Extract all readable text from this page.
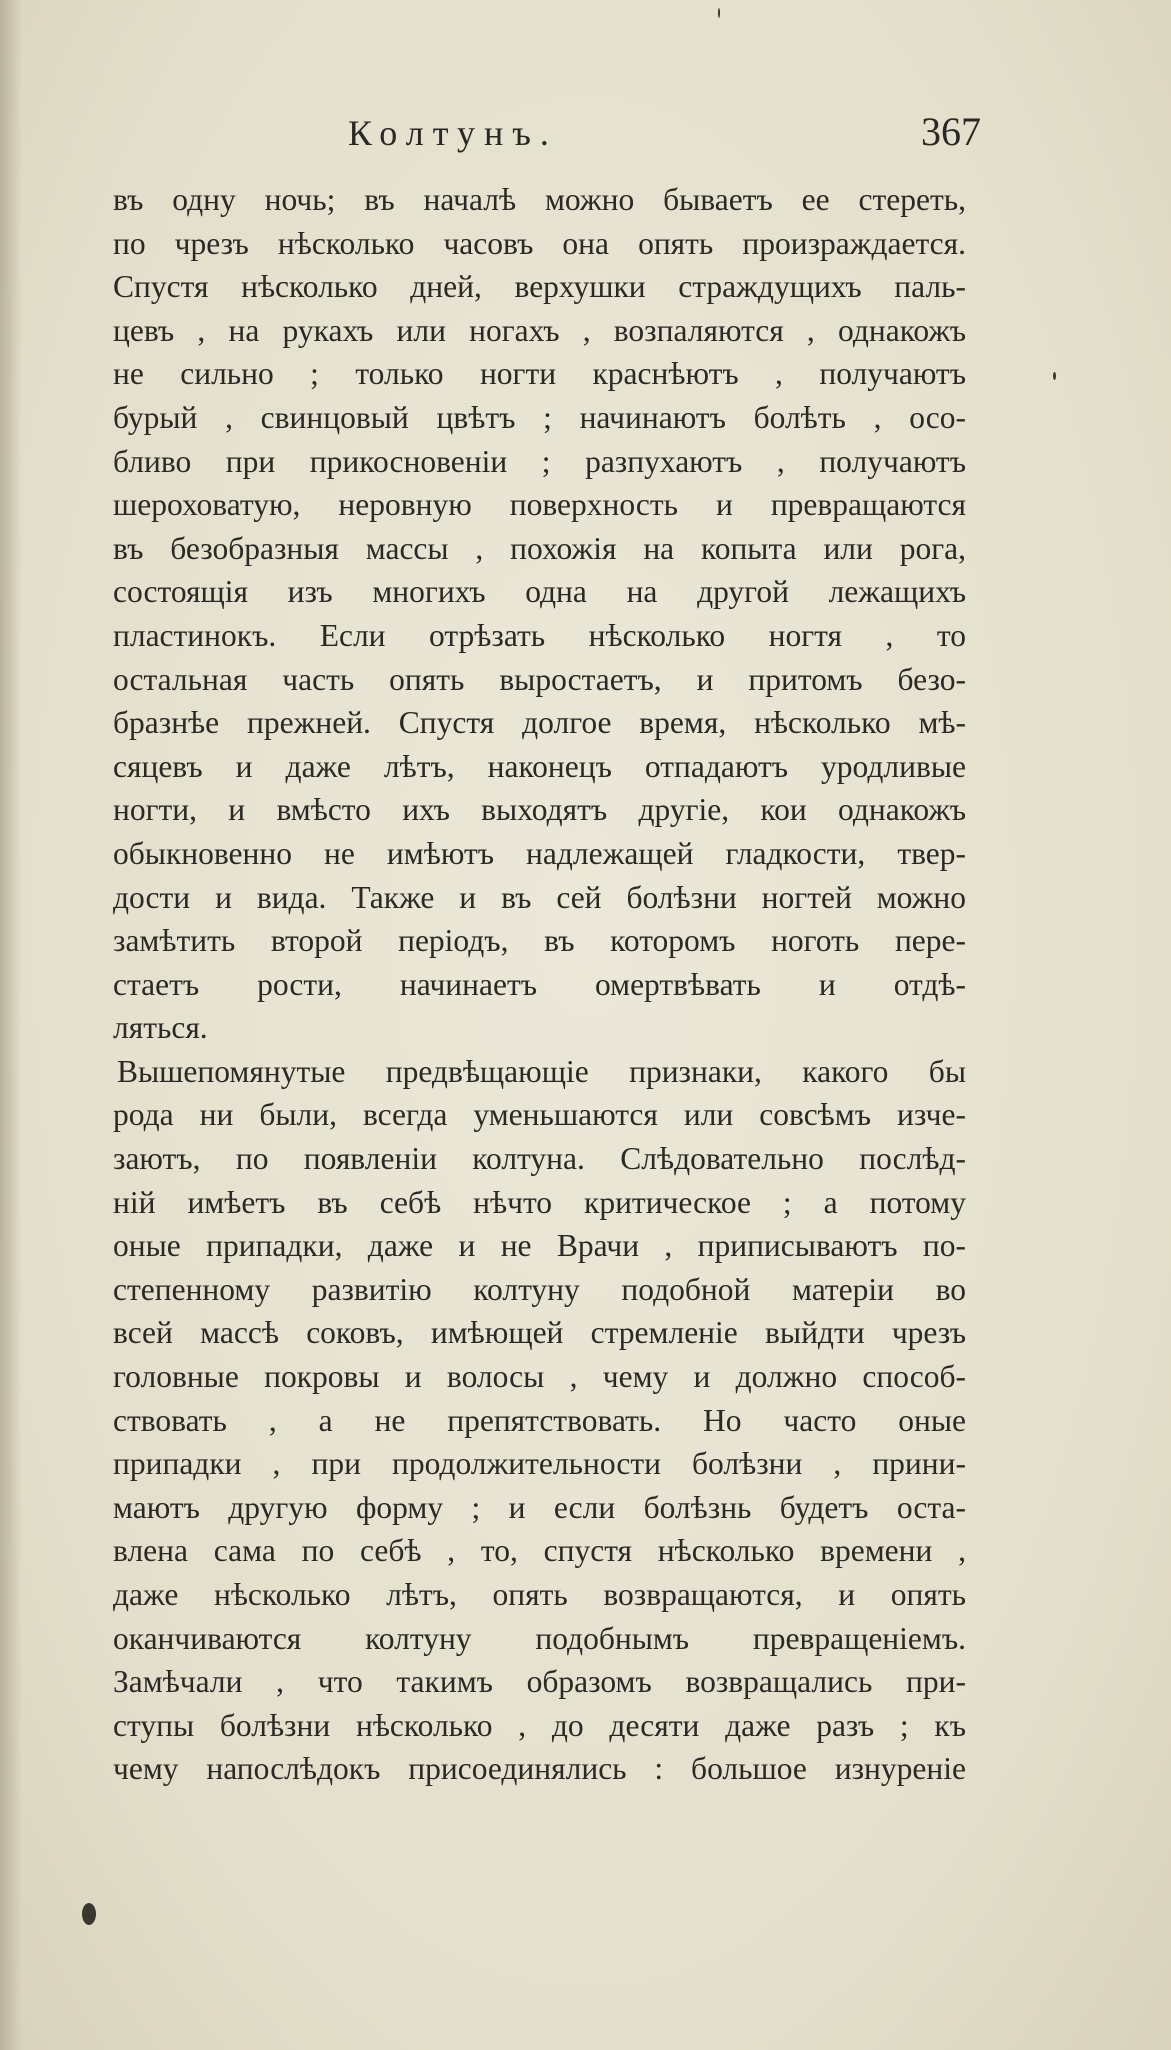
Колтунъ.	367
въ одну ночь; въ началѣ можно бываетъ ее стереть,
по чрезъ нѣсколько часовъ она опять произраждается.
Спустя нѣсколько дней, верхушки страждущихъ паль-
цевъ , на рукахъ или ногахъ , возпаляются , однакожъ
не сильно ; только ногти краснѣютъ , получаютъ
бурый , свинцовый цвѣтъ ; начинаютъ болѣть , осо-
бливо при прикосновеніи ; разпухаютъ , получаютъ
шероховатую, неровную поверхность и превращаются
въ безобразныя массы , похожія на копыта или рога,
состоящія изъ многихъ одна на другой лежащихъ
пластинокъ. Если отрѣзать нѣсколько ногтя , то
остальная часть опять выростаетъ, и притомъ безо-
бразнѣе прежней. Спустя долгое время, нѣсколько мѣ-
сяцевъ и даже лѣтъ, наконецъ отпадаютъ уродливые
ногти, и вмѣсто ихъ выходятъ другіе, кои однакожъ
обыкновенно не имѣютъ надлежащей гладкости, твер-
дости и вида. Также и въ сей болѣзни ногтей можно
замѣтить второй періодъ, въ которомъ ноготь пере-
стаетъ рости, начинаетъ омертвѣвать и отдѣ-
ляться.
Вышепомянутые предвѣщающіе признаки, какого бы
рода ни были, всегда уменьшаются или совсѣмъ изче-
заютъ, по появленіи колтуна. Слѣдовательно послѣд-
ній имѣетъ въ себѣ нѣчто критическое ; а потому
оные припадки, даже и не Врачи , приписываютъ по-
степенному развитію колтуну подобной матеріи во
всей массѣ соковъ, имѣющей стремленіе выйдти чрезъ
головные покровы и волосы , чему и должно способ-
ствовать , а не препятствовать. Но часто оные
припадки , при продолжительности болѣзни , прини-
маютъ другую форму ; и если болѣзнь будетъ оста-
влена сама по себѣ , то, спустя нѣсколько времени ,
даже нѣсколько лѣтъ, опять возвращаются, и опять
оканчиваются колтуну подобнымъ превращеніемъ.
Замѣчали , что такимъ образомъ возвращались при-
ступы болѣзни нѣсколько , до десяти даже разъ ; къ
чему напослѣдокъ присоединялись : большое изнуреніе
